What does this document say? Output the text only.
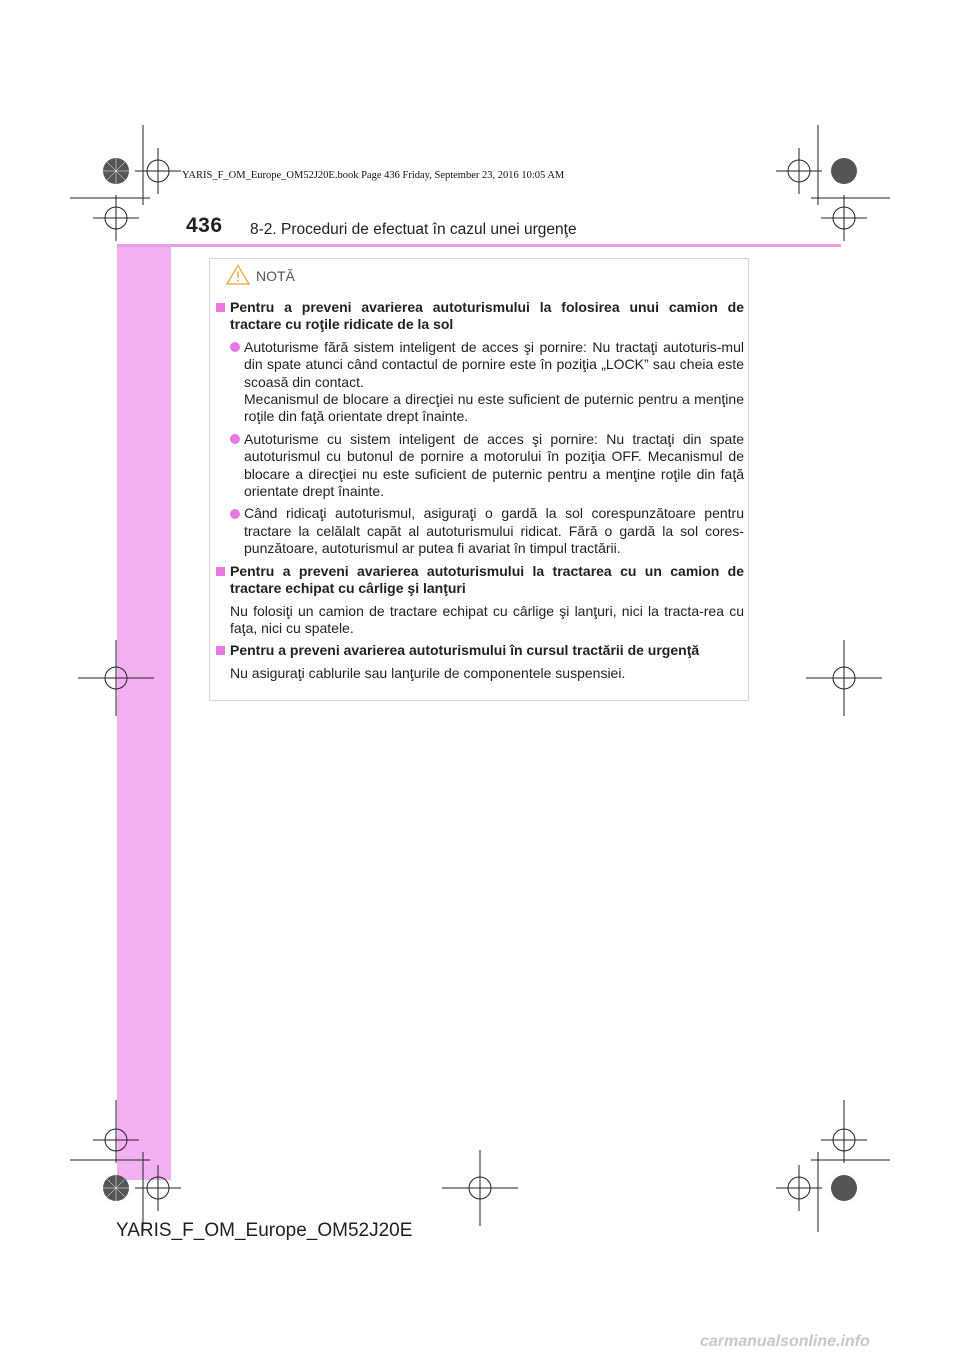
YARIS_F_OM_Europe_OM52J20E.book Page 436 Friday, September 23, 2016 10:05 AM
436 8-2. Proceduri de efectuat în cazul unei urgenţe
NOTĂ
Pentru a preveni avarierea autoturismului la folosirea unui camion de tractare cu roţile ridicate de la sol
Autoturisme fără sistem inteligent de acces şi pornire: Nu tractaţi autoturis-mul din spate atunci când contactul de pornire este în poziţia „LOCK” sau cheia este scoasă din contact.
Mecanismul de blocare a direcţiei nu este suficient de puternic pentru a menţine roţile din faţă orientate drept înainte.
Autoturisme cu sistem inteligent de acces şi pornire: Nu tractaţi din spate autoturismul cu butonul de pornire a motorului în poziţia OFF. Mecanismul de blocare a direcţiei nu este suficient de puternic pentru a menţine roţile din faţă orientate drept înainte.
Când ridicaţi autoturismul, asiguraţi o gardă la sol corespunzătoare pentru tractare la celălalt capăt al autoturismului ridicat. Fără o gardă la sol cores-punzătoare, autoturismul ar putea fi avariat în timpul tractării.
Pentru a preveni avarierea autoturismului la tractarea cu un camion de tractare echipat cu cârlige şi lanţuri
Nu folosiţi un camion de tractare echipat cu cârlige şi lanţuri, nici la tracta-rea cu faţa, nici cu spatele.
Pentru a preveni avarierea autoturismului în cursul tractării de urgenţă
Nu asiguraţi cablurile sau lanţurile de componentele suspensiei.
YARIS_F_OM_Europe_OM52J20E
carmanualsonline.info
